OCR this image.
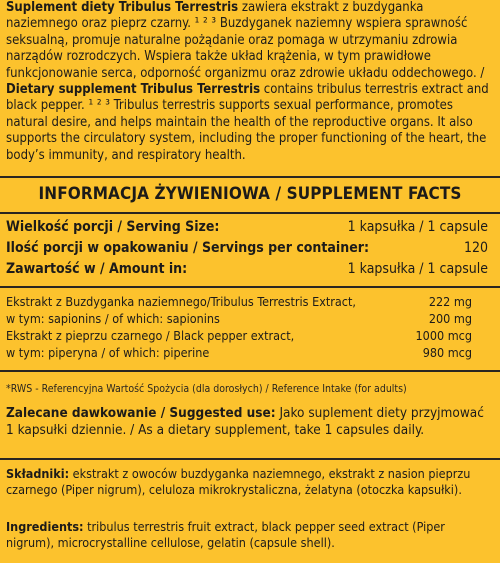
Suplement diety Tribulus Terrestris zawiera ekstrakt z buzdyganka naziemnego oraz pieprz czarny. ¹ ² ³ Buzdyganek naziemny wspiera sprawność seksualną, promuje naturalne pożądanie oraz pomaga w utrzymaniu zdrowia narządów rozrodczych. Wspiera także układ krążenia, w tym prawidłowe funkcjonowanie serca, odporność organizmu oraz zdrowie układu oddechowego. / Dietary supplement Tribulus Terrestris contains tribulus terrestris extract and black pepper. ¹ ² ³ Tribulus terrestris supports sexual performance, promotes natural desire, and helps maintain the health of the reproductive organs. It also supports the circulatory system, including the proper functioning of the heart, the body’s immunity, and respiratory health.

INFORMACJA ŻYWIENIOWA / SUPPLEMENT FACTS

Wielkość porcji / Serving Size:	1 kapsułka / 1 capsule
Ilość porcji w opakowaniu / Servings per container:	120
Zawartość w / Amount in:	1 kapsułka / 1 capsule
Ekstrakt z Buzdyganka naziemnego/Tribulus Terrestris Extract,	222 mg
w tym: sapionins / of which: sapionins	200 mg
Ekstrakt z pieprzu czarnego / Black pepper extract,	1000 mcg
w tym: piperyna / of which: piperine	980 mcg

*RWS - Referencyjna Wartość Spożycia (dla dorosłych) / Reference Intake (for adults)

Zalecane dawkowanie / Suggested use: Jako suplement diety przyjmować 1 kapsułki dziennie. / As a dietary supplement, take 1 capsules daily.

Składniki: ekstrakt z owoców buzdyganka naziemnego, ekstrakt z nasion pieprzu czarnego (Piper nigrum), celuloza mikrokrystaliczna, żelatyna (otoczka kapsułki).

Ingredients: tribulus terrestris fruit extract, black pepper seed extract (Piper nigrum), microcrystalline cellulose, gelatin (capsule shell).
